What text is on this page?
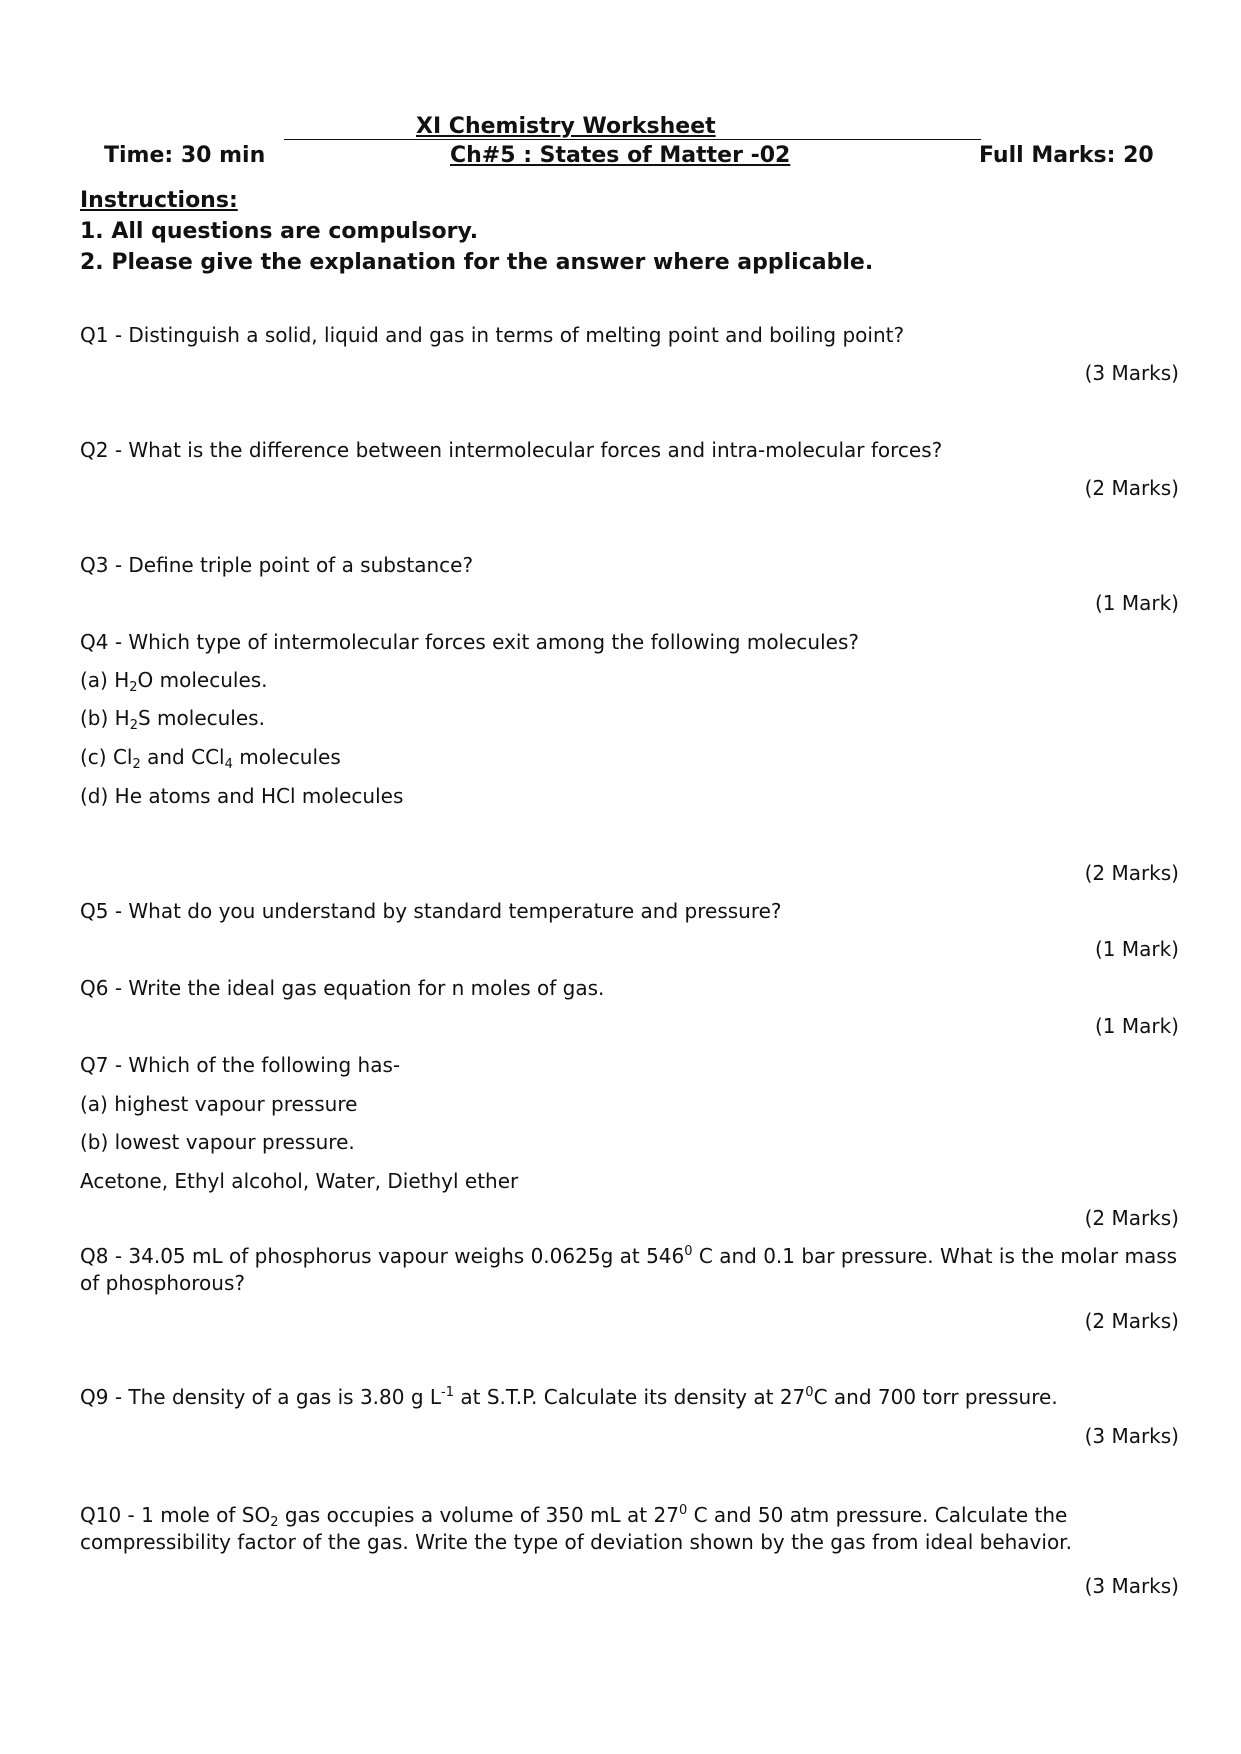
XI Chemistry Worksheet
Time: 30 min	Ch#5 : States of Matter -02	Full Marks: 20
Instructions:
1. All questions are compulsory.
2. Please give the explanation for the answer where applicable.
Q1 - Distinguish a solid, liquid and gas in terms of melting point and boiling point?
(3 Marks)
Q2 - What is the difference between intermolecular forces and intra-molecular forces?
(2 Marks)
Q3 - Define triple point of a substance?
(1 Mark)
Q4 - Which type of intermolecular forces exit among the following molecules?
(a) $H_2O$ molecules.
(b) $H_2S$ molecules.
(c) $Cl_2$ and CCl$_4$ molecules
(d) He atoms and HCl molecules
(2 Marks)
Q5 - What do you understand by standard temperature and pressure?
(1 Mark)
Q6 - Write the ideal gas equation for n moles of gas.
(1 Mark)
Q7 - Which of the following has-
(a) highest vapour pressure
(b) lowest vapour pressure.
Acetone, Ethyl alcohol, Water, Diethyl ether
(2 Marks)
Q8 - 34.05 mL of phosphorus vapour weighs 0.0625g at $546^0$ C and 0.1 bar pressure. What is the molar mass of phosphorous?
(2 Marks)
Q9 - The density of a gas is 3.80 g $L^{-1}$ at S.T.P. Calculate its density at $27^0C$ and 700 torr pressure.
(3 Marks)
Q10 - 1 mole of $SO_2$ gas occupies a volume of 350 mL at $27^0$ C and 50 atm pressure. Calculate the compressibility factor of the gas. Write the type of deviation shown by the gas from ideal behavior.
(3 Marks)
